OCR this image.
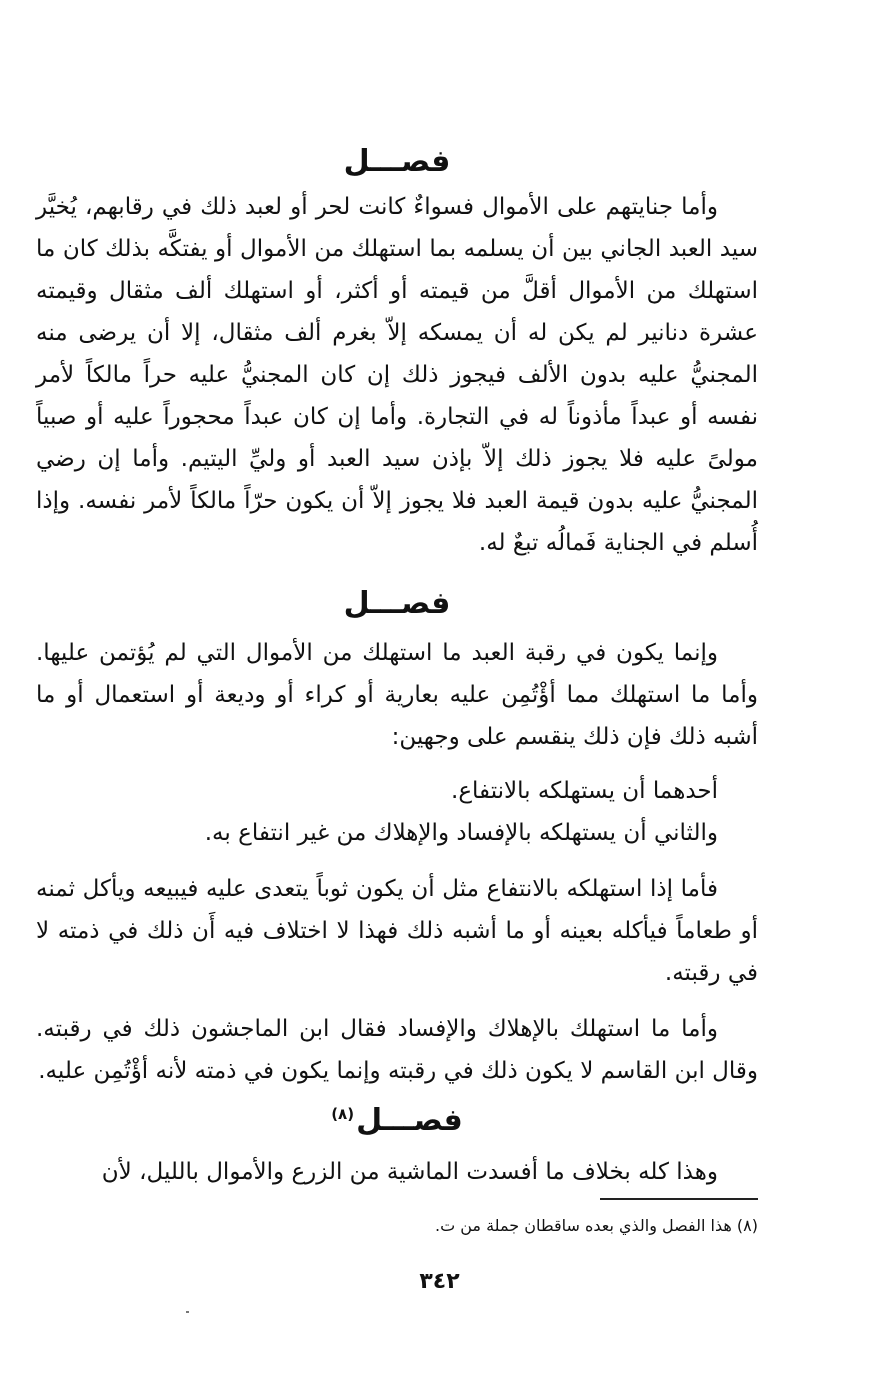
فصـــل

وأما جنايتهم على الأموال فسواءٌ كانت لحر أو لعبد ذلك في رقابهم، يُخيَّر سيد العبد الجاني بين أن يسلمه بما استهلك من الأموال أو يفتكَّه بذلك كان ما استهلك من الأموال أقلَّ من قيمته أو أكثر، أو استهلك ألف مثقال وقيمته عشرة دنانير لم يكن له أن يمسكه إلاّ بغرم ألف مثقال، إلا أن يرضى منه المجنيُّ عليه بدون الألف فيجوز ذلك إن كان المجنيُّ عليه حراً مالكاً لأمر نفسه أو عبداً مأذوناً له في التجارة. وأما إن كان عبداً محجوراً عليه أو صبياً مولىً عليه فلا يجوز ذلك إلاّ بإذن سيد العبد أو وليِّ اليتيم. وأما إن رضي المجنيُّ عليه بدون قيمة العبد فلا يجوز إلاّ أن يكون حرّاً مالكاً لأمر نفسه. وإذا أُسلم في الجناية فَمالُه تبعٌ له.

فصـــل

وإنما يكون في رقبة العبد ما استهلك من الأموال التي لم يُؤتمن عليها. وأما ما استهلك مما أؤْتُمِن عليه بعارية أو كراء أو وديعة أو استعمال أو ما أشبه ذلك فإن ذلك ينقسم على وجهين:

أحدهما أن يستهلكه بالانتفاع.

والثاني أن يستهلكه بالإفساد والإهلاك من غير انتفاع به.

فأما إذا استهلكه بالانتفاع مثل أن يكون ثوباً يتعدى عليه فيبيعه ويأكل ثمنه أو طعاماً فيأكله بعينه أو ما أشبه ذلك فهذا لا اختلاف فيه أَن ذلك في ذمته لا في رقبته.

وأما ما استهلك بالإهلاك والإفساد فقال ابن الماجشون ذلك في رقبته. وقال ابن القاسم لا يكون ذلك في رقبته وإنما يكون في ذمته لأنه أؤْتُمِن عليه.

فصـــل$^{(٨)}$

وهذا كله بخلاف ما أفسدت الماشية من الزرع والأموال بالليل، لأن

(٨) هذا الفصل والذي بعده ساقطان جملة من ت.

٣٤٢
